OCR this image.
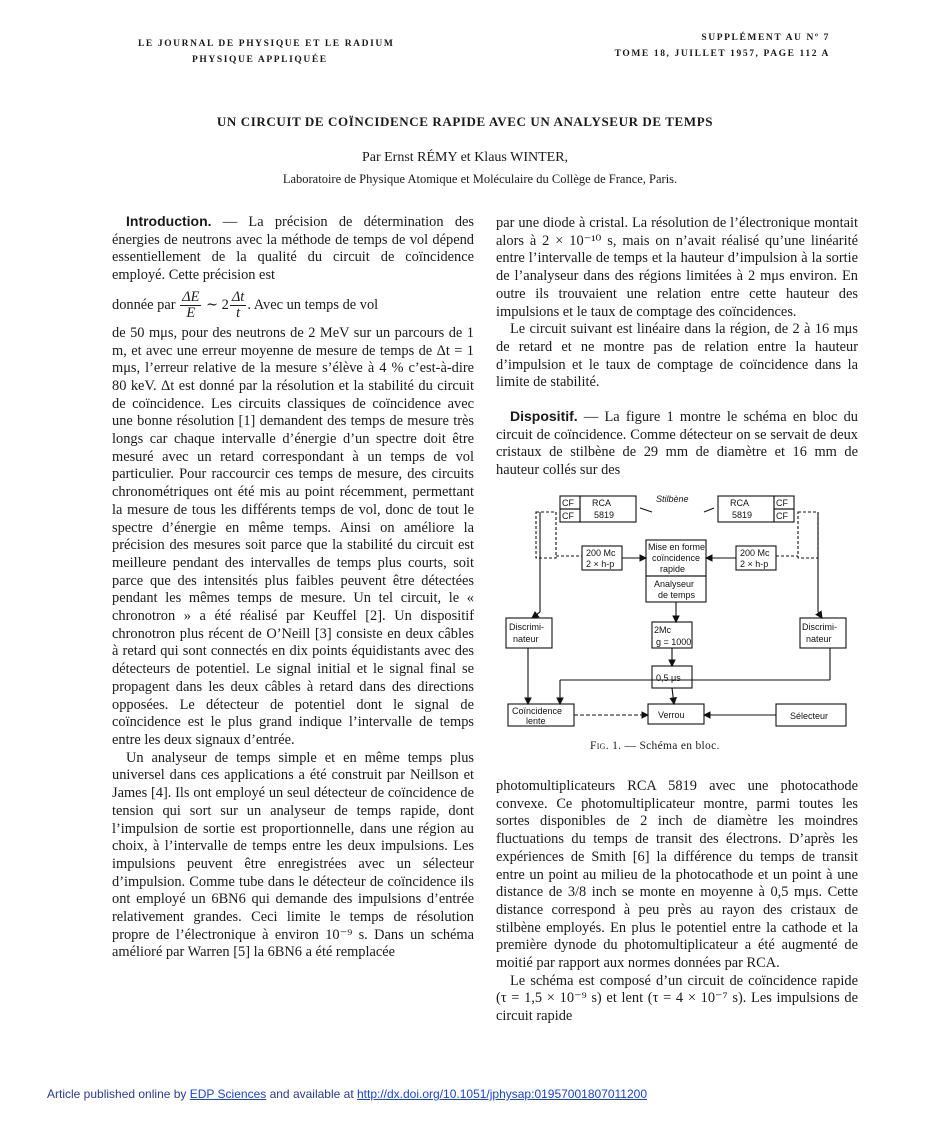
LE JOURNAL DE PHYSIQUE ET LE RADIUM
PHYSIQUE APPLIQUÉE
SUPPLÉMENT AU Nº 7
TOME 18, JUILLET 1957, PAGE 112 A
UN CIRCUIT DE COÏNCIDENCE RAPIDE AVEC UN ANALYSEUR DE TEMPS
Par Ernst RÉMY et Klaus WINTER,
Laboratoire de Physique Atomique et Moléculaire du Collège de France, Paris.

Introduction. — La précision de détermination des énergies de neutrons avec la méthode de temps de vol dépend essentiellement de la qualité du circuit de coïncidence employé. Cette précision est

donnée par $\frac{\Delta E}{E}$ ∼ $2 \frac{\Delta t}{t}$ . Avec un temps de vol

de 50 mμs, pour des neutrons de 2 MeV sur un parcours de 1 m, et avec une erreur moyenne de mesure de temps de Δt = 1 mμs, l’erreur relative de la mesure s’élève à 4 % c’est-à-dire 80 keV. Δt est donné par la résolution et la stabilité du circuit de coïncidence. Les circuits classiques de coïncidence avec une bonne résolution [1] demandent des temps de mesure très longs car chaque intervalle d’énergie d’un spectre doit être mesuré avec un retard correspondant à un temps de vol particulier. Pour raccourcir ces temps de mesure, des circuits chronométriques ont été mis au point récemment, permettant la mesure de tous les différents temps de vol, donc de tout le spectre d’énergie en même temps. Ainsi on améliore la précision des mesures soit parce que la stabilité du circuit est meilleure pendant des intervalles de temps plus courts, soit parce que des intensités plus faibles peuvent être détectées pendant les mêmes temps de mesure. Un tel circuit, le « chronotron » a été réalisé par Keuffel [2]. Un dispositif chronotron plus récent de O’Neill [3] consiste en deux câbles à retard qui sont connectés en dix points équidistants avec des détecteurs de potentiel. Le signal initial et le signal final se propagent dans les deux câbles à retard dans des directions opposées. Le détecteur de potentiel dont le signal de coïncidence est le plus grand indique l’intervalle de temps entre les deux signaux d’entrée.

Un analyseur de temps simple et en même temps plus universel dans ces applications a été construit par Neillson et James [4]. Ils ont employé un seul détecteur de coïncidence de tension qui sort sur un analyseur de temps rapide, dont l’impulsion de sortie est proportionnelle, dans une région au choix, à l’intervalle de temps entre les deux impulsions. Les impulsions peuvent être enregistrées avec un sélecteur d’impulsion. Comme tube dans le détecteur de coïncidence ils ont employé un 6BN6 qui demande des impulsions d’entrée relativement grandes. Ceci limite le temps de résolution propre de l’électronique à environ 10⁻⁹ s. Dans un schéma amélioré par Warren [5] la 6BN6 a été remplacée

par une diode à cristal. La résolution de l’électronique montait alors à 2 × 10⁻¹⁰ s, mais on n’avait réalisé qu’une linéarité entre l’intervalle de temps et la hauteur d’impulsion à la sortie de l’analyseur dans des régions limitées à 2 mμs environ. En outre ils trouvaient une relation entre cette hauteur des impulsions et le taux de comptage des coïncidences.

Le circuit suivant est linéaire dans la région, de 2 à 16 mμs de retard et ne montre pas de relation entre la hauteur d’impulsion et le taux de comptage de coïncidence dans la limite de stabilité.

Dispositif. — La figure 1 montre le schéma en bloc du circuit de coïncidence. Comme détecteur on se servait de deux cristaux de stilbène de 29 mm de diamètre et 16 mm de hauteur collés sur des

CF
CF
RCA
5819
RCA
5819
CF
CF
Stilbène
200 Mc
2 × h-p
200 Mc
2 × h-p
Mise en forme
coïncidence
rapide
Analyseur
de temps
Discrimi-
nateur
Discrimi-
nateur
2Mc
g = 1000
0,5 μs
Coïncidence
lente
Verrou	Sélecteur
Fig. 1. — Schéma en bloc.

photomultiplicateurs RCA 5819 avec une photocathode convexe. Ce photomultiplicateur montre, parmi toutes les sortes disponibles de 2 inch de diamètre les moindres fluctuations du temps de transit des électrons. D’après les expériences de Smith [6] la différence du temps de transit entre un point au milieu de la photocathode et un point à une distance de 3/8 inch se monte en moyenne à 0,5 mμs. Cette distance correspond à peu près au rayon des cristaux de stilbène employés. En plus le potentiel entre la cathode et la première dynode du photomultiplicateur a été augmenté de moitié par rapport aux normes données par RCA.

Le schéma est composé d’un circuit de coïncidence rapide (τ = 1,5 × 10⁻⁹ s) et lent (τ = 4 × 10⁻⁷ s). Les impulsions de circuit rapide

Article published online by EDP Sciences and available at http://dx.doi.org/10.1051/jphysap:01957001807011200
